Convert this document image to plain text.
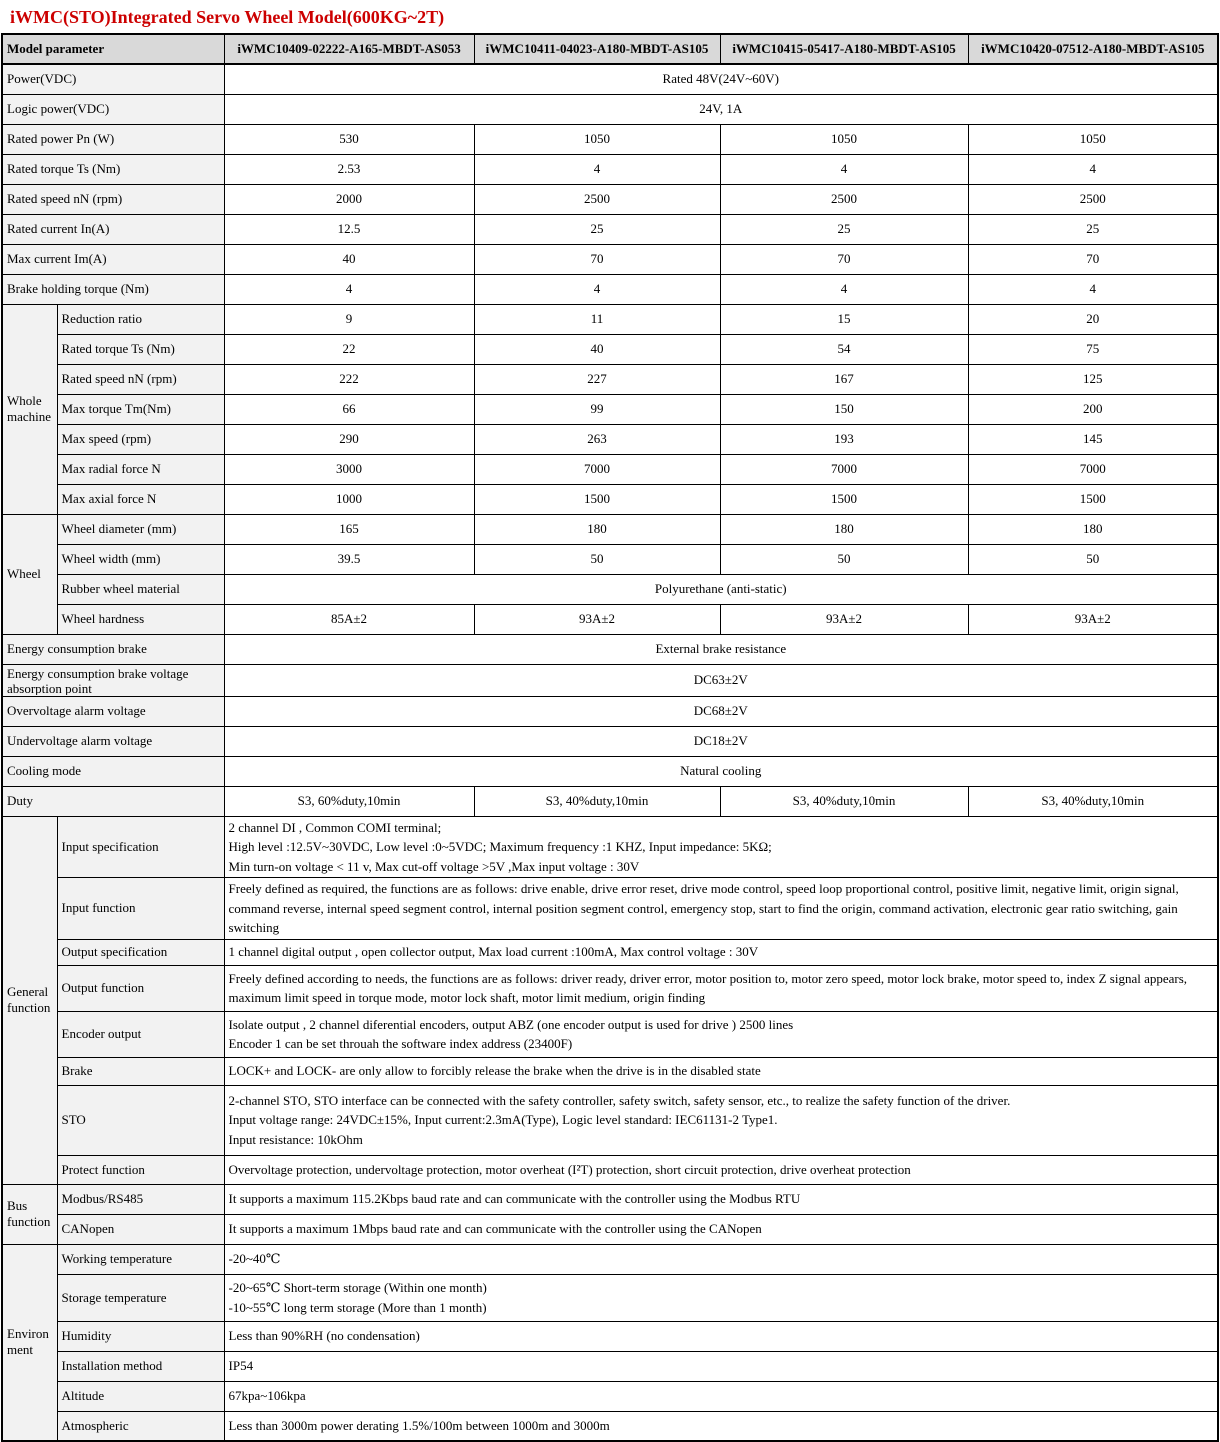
iWMC(STO)Integrated Servo Wheel Model(600KG~2T)
Model parameter		iWMC10409-02222-A165-MBDT-AS053	iWMC10411-04023-A180-MBDT-AS105	iWMC10415-05417-A180-MBDT-AS105	iWMC10420-07512-A180-MBDT-AS105
Power(VDC)		Rated 48V(24V~60V)			
Logic power(VDC)		24V, 1A			
Rated power Pn (W)		530	1050	1050	1050
Rated torque Ts (Nm)		2.53	4	4	4
Rated speed nN (rpm)		2000	2500	2500	2500
Rated current In(A)		12.5	25	25	25
Max current Im(A)		40	70	70	70
Brake holding torque (Nm)		4	4	4	4
Whole machine	Reduction ratio	9	11	15	20
	Rated torque Ts (Nm)	22	40	54	75
	Rated speed nN (rpm)	222	227	167	125
	Max torque Tm(Nm)	66	99	150	200
	Max speed (rpm)	290	263	193	145
	Max radial force N	3000	7000	7000	7000
	Max axial force N	1000	1500	1500	1500
Wheel	Wheel diameter (mm)	165	180	180	180
	Wheel width (mm)	39.5	50	50	50
	Rubber wheel material	Polyurethane (anti-static)			
	Wheel hardness	85A±2	93A±2	93A±2	93A±2
Energy consumption brake		External brake resistance			

Energy consumption brake voltage
absorption point		DC63±2V			
Overvoltage alarm voltage		DC68±2V			
Undervoltage alarm voltage		DC18±2V			
Cooling mode		Natural cooling			
Duty		S3, 60%duty,10min	S3, 40%duty,10min	S3, 40%duty,10min	S3, 40%duty,10min
General function	Input specification	2 channel DI , Common COMI terminal;
High level :12.5V~30VDC, Low level :0~5VDC; Maximum frequency :1 KHZ, Input impedance: 5KΩ;
Min turn-on voltage < 11 v, Max cut-off voltage >5V ,Max input voltage : 30V			

	Input function	Freely defined as required, the functions are as follows: drive enable, drive error reset, drive mode control, speed loop proportional control, positive limit, negative limit, origin signal, command reverse, internal speed segment control, internal position segment control, emergency stop, start to find the origin, command activation, electronic gear ratio switching, gain switching			
	Output specification	1 channel digital output , open collector output, Max load current :100mA, Max control voltage : 30V			
	Output function	Freely defined according to needs, the functions are as follows: driver ready, driver error, motor position to, motor zero speed, motor lock brake, motor speed to, index Z signal appears, maximum limit speed in torque mode, motor lock shaft, motor limit medium, origin finding			
	Encoder output	Isolate output , 2 channel diferential encoders, output ABZ (one encoder output is used for drive ) 2500 lines
Encoder 1 can be set throuah the software index address (23400F)			

	Brake	LOCK+ and LOCK- are only allow to forcibly release the brake when the drive is in the disabled state			
	STO	2-channel STO, STO interface can be connected with the safety controller, safety switch, safety sensor, etc., to realize the safety function of the driver.
Input voltage range: 24VDC±15%, Input current:2.3mA(Type), Logic level standard: IEC61131-2 Type1.
Input resistance: 10kOhm			

	Protect function	Overvoltage protection, undervoltage protection, motor overheat (I²T) protection, short circuit protection, drive overheat protection			
Bus function	Modbus/RS485	It supports a maximum 115.2Kbps baud rate and can communicate with the controller using the Modbus RTU			
	CANopen	It supports a maximum 1Mbps baud rate and can communicate with the controller using the CANopen			
Environ ment	Working temperature	-20~40℃			
	Storage temperature	-20~65℃ Short-term storage (Within one month)
-10~55℃ long term storage (More than 1 month)			

	Humidity	Less than 90%RH (no condensation)			
	Installation method	IP54			
	Altitude	67kpa~106kpa			
	Atmospheric	Less than 3000m power derating 1.5%/100m between 1000m and 3000m			
